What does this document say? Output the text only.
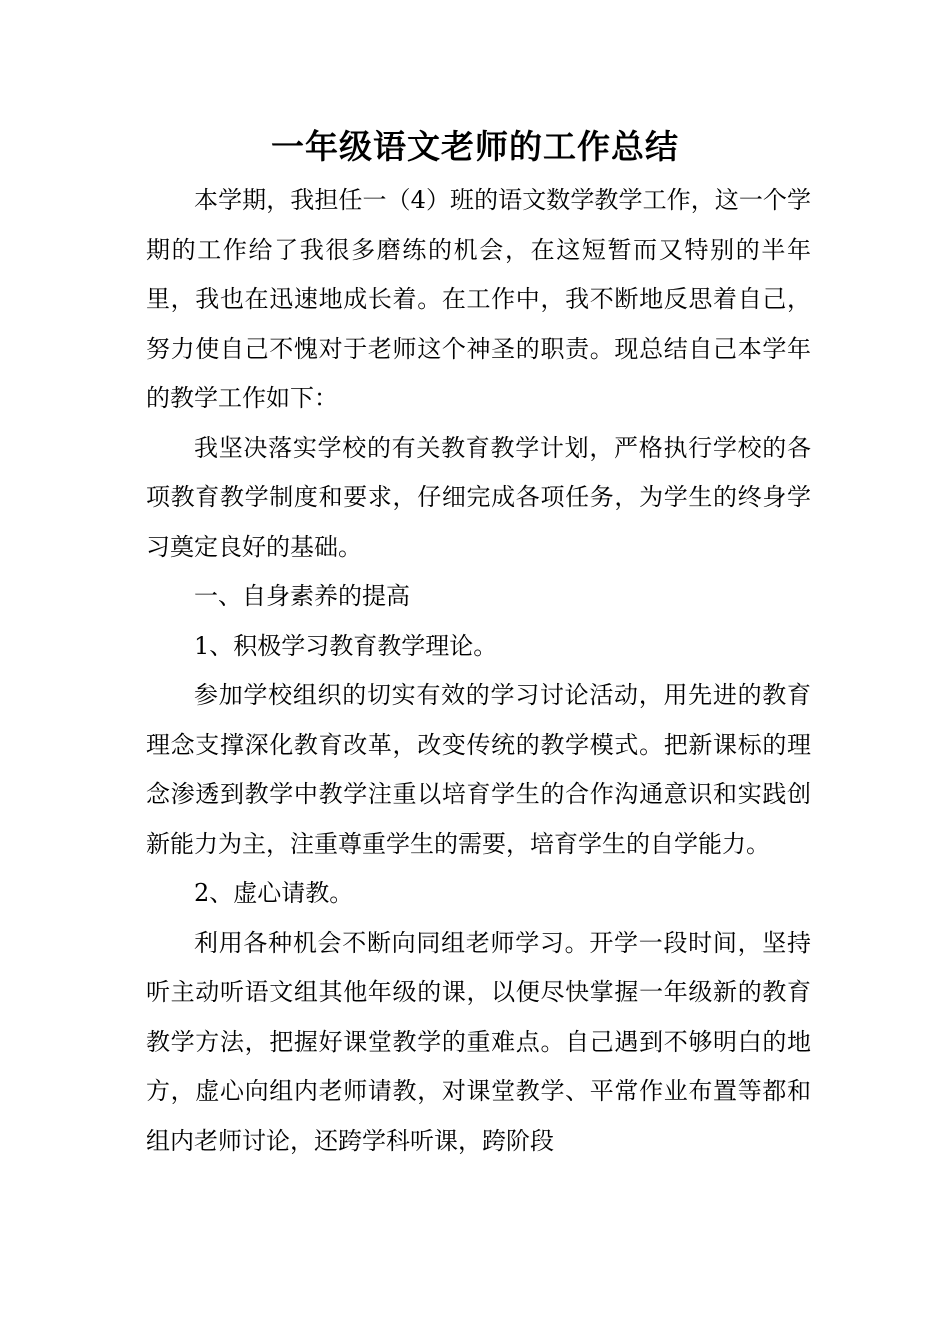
一年级语文老师的工作总结

本学期，我担任一（4）班的语文数学教学工作，这一个学期的工作给了我很多磨练的机会，在这短暂而又特别的半年里，我也在迅速地成长着。在工作中，我不断地反思着自己，努力使自己不愧对于老师这个神圣的职责。现总结自己本学年的教学工作如下：

我坚决落实学校的有关教育教学计划，严格执行学校的各项教育教学制度和要求，仔细完成各项任务，为学生的终身学习奠定良好的基础。

一、自身素养的提高

1、积极学习教育教学理论。

参加学校组织的切实有效的学习讨论活动，用先进的教育理念支撑深化教育改革，改变传统的教学模式。把新课标的理念渗透到教学中教学注重以培育学生的合作沟通意识和实践创新能力为主，注重尊重学生的需要，培育学生的自学能力。

2、虚心请教。

利用各种机会不断向同组老师学习。开学一段时间，坚持听主动听语文组其他年级的课，以便尽快掌握一年级新的教育教学方法，把握好课堂教学的重难点。自己遇到不够明白的地方，虚心向组内老师请教，对课堂教学、平常作业布置等都和组内老师讨论，还跨学科听课，跨阶段
